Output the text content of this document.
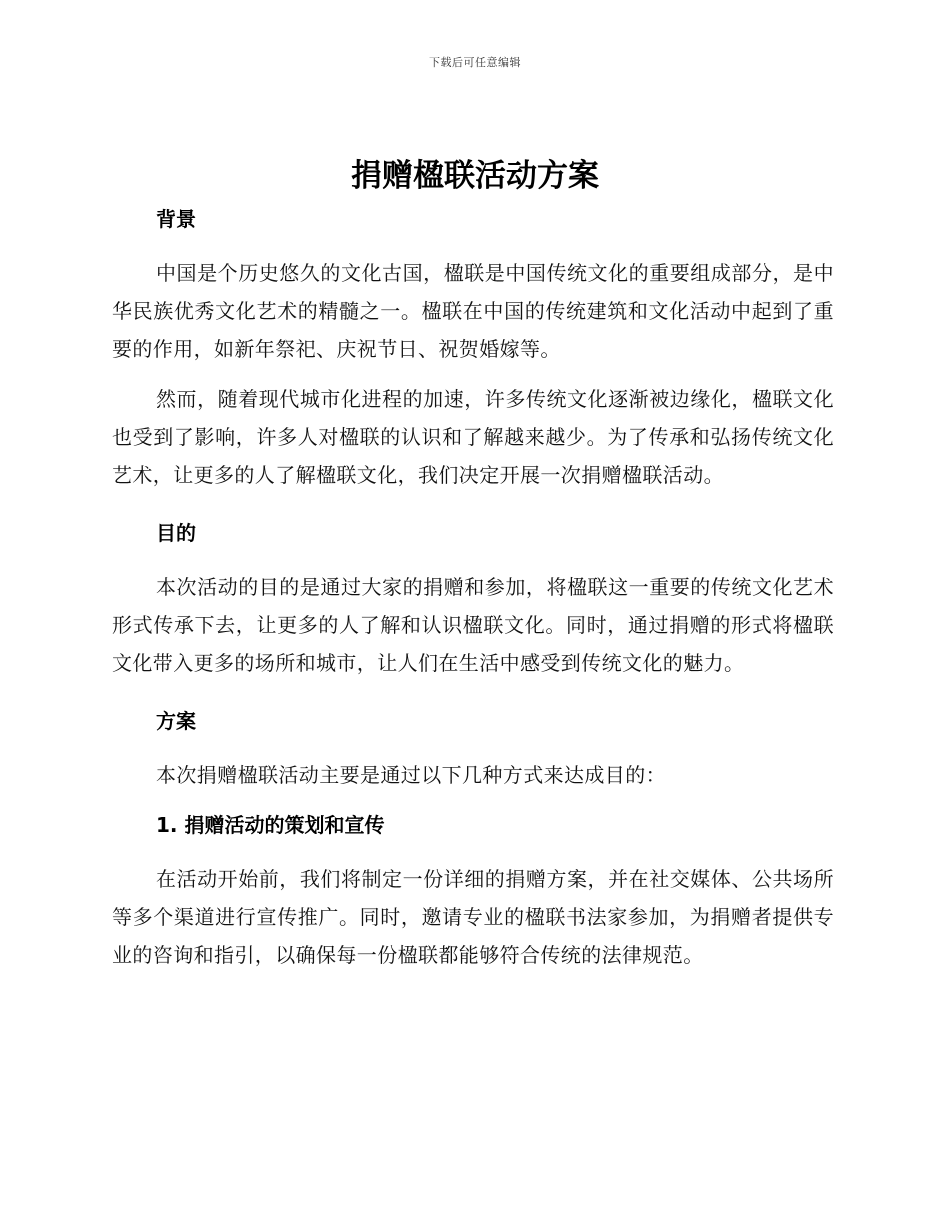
下载后可任意编辑
捐赠楹联活动方案
背景

中国是个历史悠久的文化古国，楹联是中国传统文化的重要组成部分，是中华民族优秀文化艺术的精髓之一。楹联在中国的传统建筑和文化活动中起到了重要的作用，如新年祭祀、庆祝节日、祝贺婚嫁等。

然而，随着现代城市化进程的加速，许多传统文化逐渐被边缘化，楹联文化也受到了影响，许多人对楹联的认识和了解越来越少。为了传承和弘扬传统文化艺术，让更多的人了解楹联文化，我们决定开展一次捐赠楹联活动。

目的

本次活动的目的是通过大家的捐赠和参加，将楹联这一重要的传统文化艺术形式传承下去，让更多的人了解和认识楹联文化。同时，通过捐赠的形式将楹联文化带入更多的场所和城市，让人们在生活中感受到传统文化的魅力。

方案

本次捐赠楹联活动主要是通过以下几种方式来达成目的：

1. 捐赠活动的策划和宣传

在活动开始前，我们将制定一份详细的捐赠方案，并在社交媒体、公共场所等多个渠道进行宣传推广。同时，邀请专业的楹联书法家参加，为捐赠者提供专业的咨询和指引，以确保每一份楹联都能够符合传统的法律规范。
